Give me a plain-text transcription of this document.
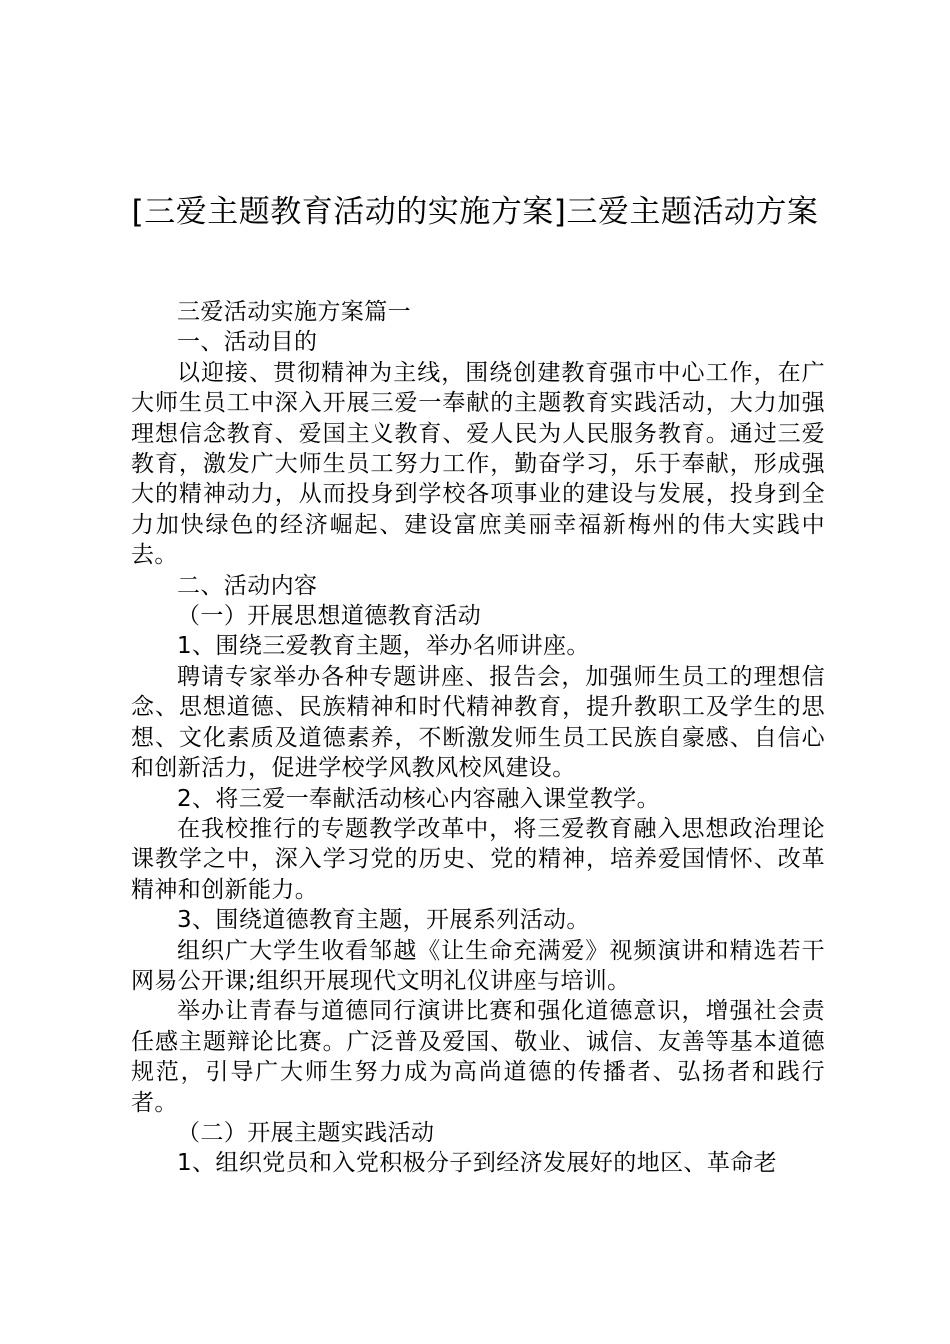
[三爱主题教育活动的实施方案]三爱主题活动方案

三爱活动实施方案篇一

一、活动目的

以迎接、贯彻精神为主线，围绕创建教育强市中心工作，在广大师生员工中深入开展三爱一奉献的主题教育实践活动，大力加强理想信念教育、爱国主义教育、爱人民为人民服务教育。通过三爱教育，激发广大师生员工努力工作，勤奋学习，乐于奉献，形成强大的精神动力，从而投身到学校各项事业的建设与发展，投身到全力加快绿色的经济崛起、建设富庶美丽幸福新梅州的伟大实践中去。

二、活动内容

（一）开展思想道德教育活动

1、围绕三爱教育主题，举办名师讲座。

聘请专家举办各种专题讲座、报告会，加强师生员工的理想信念、思想道德、民族精神和时代精神教育，提升教职工及学生的思想、文化素质及道德素养，不断激发师生员工民族自豪感、自信心和创新活力，促进学校学风教风校风建设。

2、将三爱一奉献活动核心内容融入课堂教学。

在我校推行的专题教学改革中，将三爱教育融入思想政治理论课教学之中，深入学习党的历史、党的精神，培养爱国情怀、改革精神和创新能力。

3、围绕道德教育主题，开展系列活动。

组织广大学生收看邹越《让生命充满爱》视频演讲和精选若干网易公开课;组织开展现代文明礼仪讲座与培训。

举办让青春与道德同行演讲比赛和强化道德意识，增强社会责任感主题辩论比赛。广泛普及爱国、敬业、诚信、友善等基本道德规范，引导广大师生努力成为高尚道德的传播者、弘扬者和践行者。

（二）开展主题实践活动

1、组织党员和入党积极分子到经济发展好的地区、革命老
